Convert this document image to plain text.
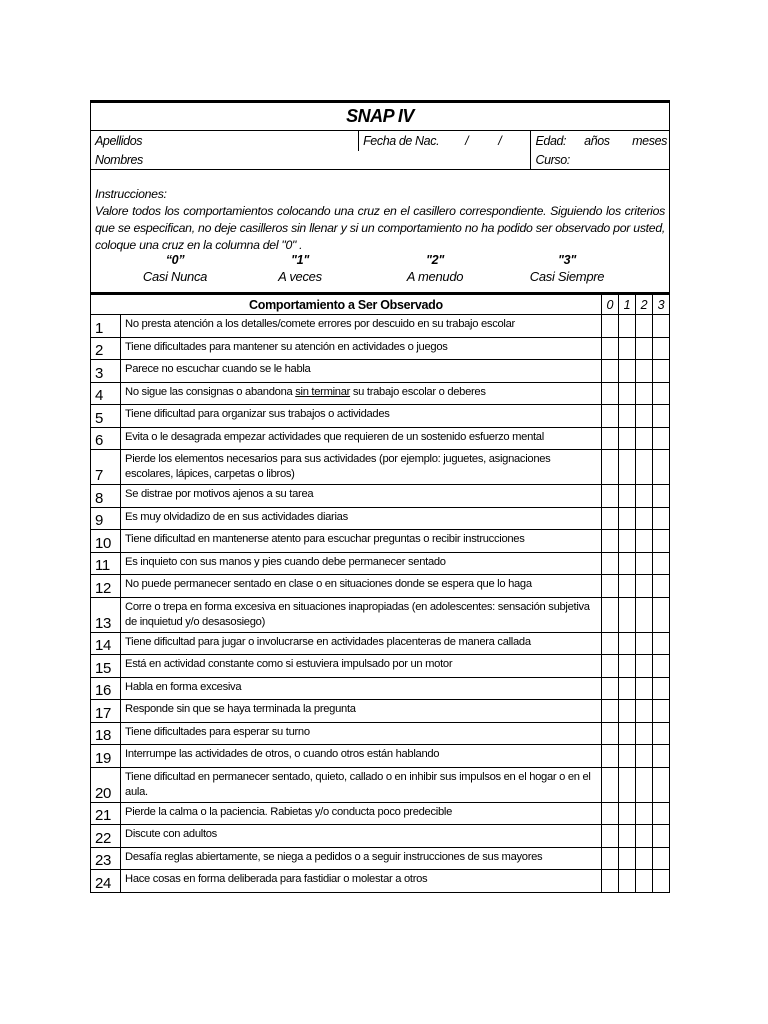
SNAP IV
Apellidos	Fecha de Nac. / /	Edad: años meses
Nombres	Curso:
Instrucciones:
Valore todos los comportamientos colocando una cruz en el casillero correspondiente. Siguiendo los criterios que se especifican, no deje casilleros sin llenar y si un comportamiento no ha podido ser observado por usted, coloque una cruz en la columna del "0" .
“0”	"1"	"2"	"3"
Casi Nunca	A veces	A menudo	Casi Siempre
Comportamiento a Ser Observado		0	1	2	3
1	No presta atención a los detalles/comete errores por descuido en su trabajo escolar				
2	Tiene dificultades para mantener su atención en actividades o juegos				
3	Parece no escuchar cuando se le habla				
4	No sigue las consignas o abandona sin terminar su trabajo escolar o deberes				
5	Tiene dificultad para organizar sus trabajos o actividades				
6	Evita o le desagrada empezar actividades que requieren de un sostenido esfuerzo mental				
7	Pierde los elementos necesarios para sus actividades (por ejemplo: juguetes, asignaciones escolares, lápices, carpetas o libros)				
8	Se distrae por motivos ajenos a su tarea				
9	Es muy olvidadizo de en sus actividades diarias				
10	Tiene dificultad en mantenerse atento para escuchar preguntas o recibir instrucciones				
11	Es inquieto con sus manos y pies cuando debe permanecer sentado				
12	No puede permanecer sentado en clase o en situaciones donde se espera que lo haga				
13	Corre o trepa en forma excesiva en situaciones inapropiadas (en adolescentes: sensación subjetiva de inquietud y/o desasosiego)				
14	Tiene dificultad para jugar o involucrarse en actividades placenteras de manera callada				
15	Está en actividad constante como si estuviera impulsado por un motor				
16	Habla en forma excesiva				
17	Responde sin que se haya terminada la pregunta				
18	Tiene dificultades para esperar su turno				
19	Interrumpe las actividades de otros, o cuando otros están hablando				
20	Tiene dificultad en permanecer sentado, quieto, callado o en inhibir sus impulsos en el hogar o en el aula.				
21	Pierde la calma o la paciencia. Rabietas y/o conducta poco predecible				
22	Discute con adultos				
23	Desafía reglas abiertamente, se niega a pedidos o a seguir instrucciones de sus mayores				
24	Hace cosas en forma deliberada para fastidiar o molestar a otros				
